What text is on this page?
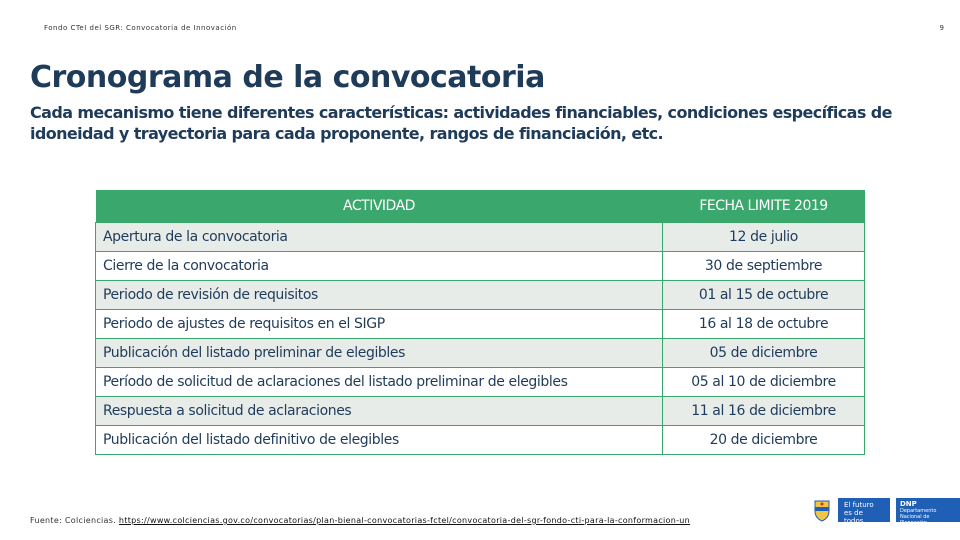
Fondo CTeI del SGR: Convocatoria de Innovación	9
Cronograma de la convocatoria
Cada mecanismo tiene diferentes características: actividades financiables, condiciones específicas de idoneidad y trayectoria para cada proponente, rangos de financiación, etc.
ACTIVIDAD	FECHA LIMITE 2019
Apertura de la convocatoria	12 de julio
Cierre de la convocatoria	30 de septiembre
Periodo de revisión de requisitos	01 al 15 de octubre
Periodo de ajustes de requisitos en el SIGP	16 al 18 de octubre
Publicación del listado preliminar de elegibles	05 de diciembre
Período de solicitud de aclaraciones del listado preliminar de elegibles	05 al 10 de diciembre
Respuesta a solicitud de aclaraciones	11 al 16 de diciembre
Publicación del listado definitivo de elegibles	20 de diciembre
Fuente: Colciencias. https://www.colciencias.gov.co/convocatorias/plan-bienal-convocatorias-fctel/convocatoria-del-sgr-fondo-cti-para-la-conformacion-un
El futuro
es de todos
DNP
Departamento
Nacional de Planeación
